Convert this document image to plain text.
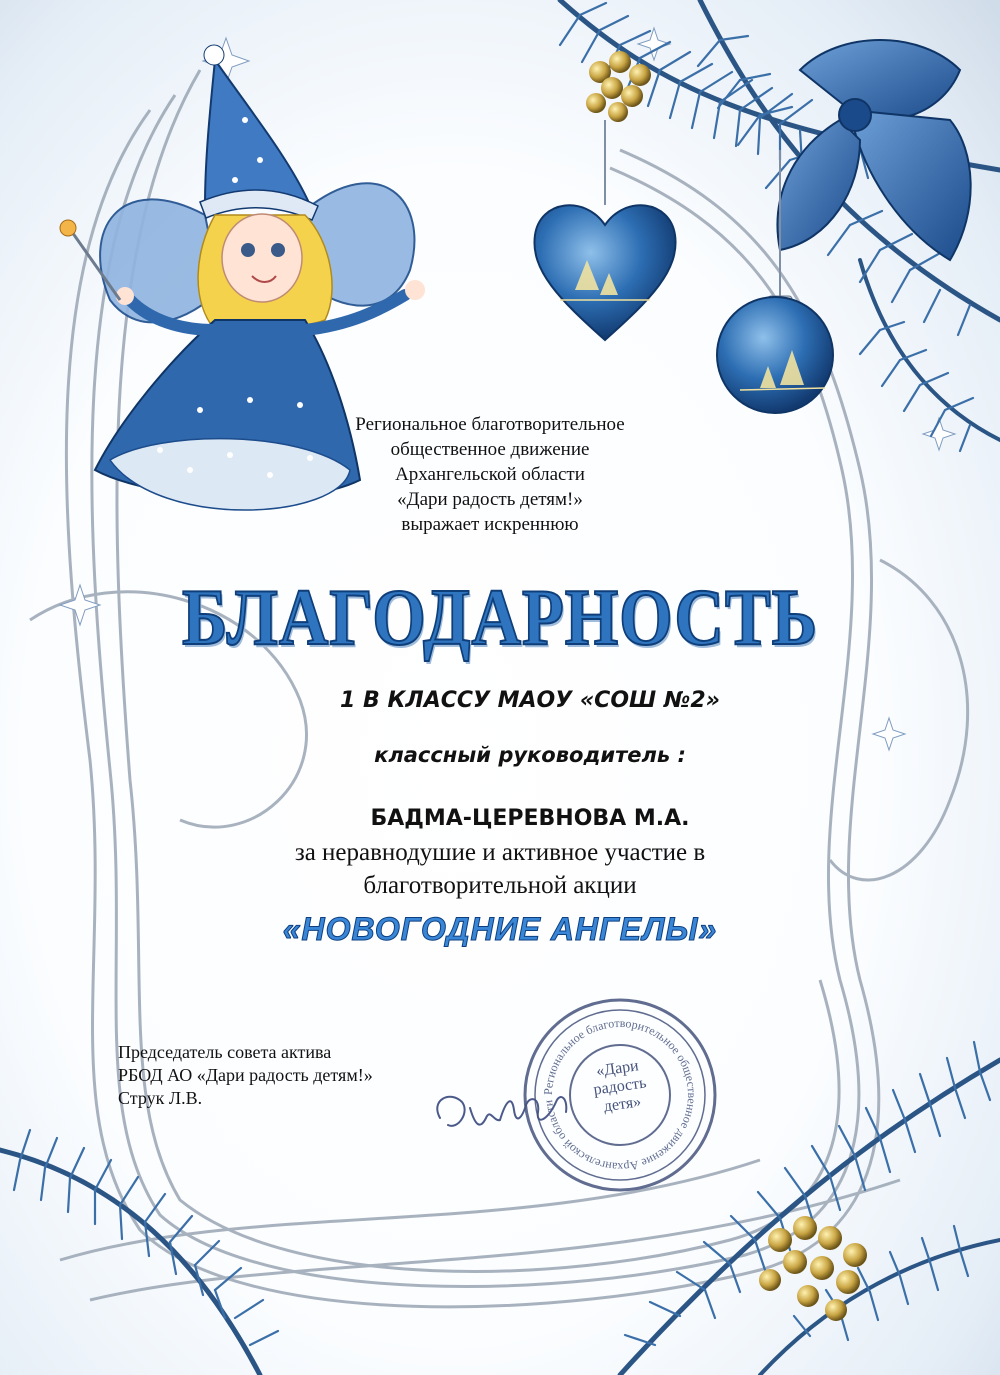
Региональное благотворительное общественное движение Архангельской области
«Дари радость детя»
Региональное благотворительное
общественное движение
Архангельской области
«Дари радость детям!»
выражает искреннюю
БЛАГОДАРНОСТЬ
1 В КЛАССУ МАОУ «СОШ №2»
классный руководитель :
БАДМА-ЦЕРЕВНОВА М.А.
за неравнодушие и активное участие в
благотворительной акции
«НОВОГОДНИЕ АНГЕЛЫ»
Председатель совета актива
РБОД АО «Дари радость детям!»
Струк Л.В.
